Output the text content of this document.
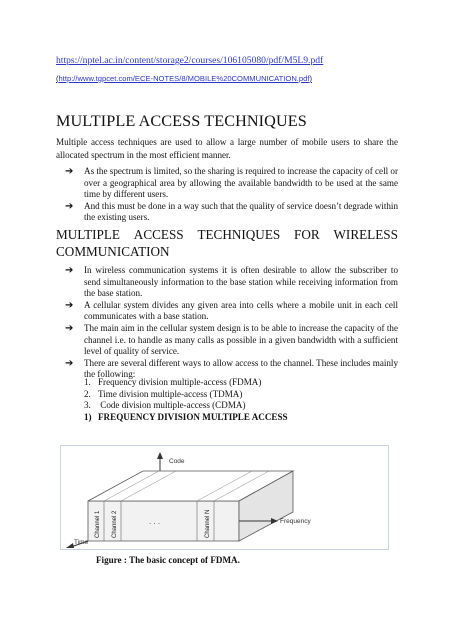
https://nptel.ac.in/content/storage2/courses/106105080/pdf/M5L9.pdf
(http://www.tgpcet.com/ECE-NOTES/8/MOBILE%20COMMUNICATION.pdf)
MULTIPLE ACCESS TECHNIQUES
Multiple access techniques are used to allow a large number of mobile users to share the allocated spectrum in the most efficient manner.
➔ As the spectrum is limited, so the sharing is required to increase the capacity of cell or over a geographical area by allowing the available bandwidth to be used at the same time by different users.
➔ And this must be done in a way such that the quality of service doesn’t degrade within the existing users.
MULTIPLE ACCESS TECHNIQUES FOR WIRELESS
COMMUNICATION
➔ In wireless communication systems it is often desirable to allow the subscriber to send simultaneously information to the base station while receiving information from the base station.
➔ A cellular system divides any given area into cells where a mobile unit in each cell communicates with a base station.
➔ The main aim in the cellular system design is to be able to increase the capacity of the channel i.e. to handle as many calls as possible in a given bandwidth with a sufficient level of quality of service.
➔ There are several different ways to allow access to the channel. These includes mainly the following:
1. Frequency division multiple-access (FDMA)
2. Time division multiple-access (TDMA)
3. Code division multiple-access (CDMA)
1) FREQUENCY DIVISION MULTIPLE ACCESS
Code
Channel 1 Channel 2	Channel N
. . .	Frequency
Time
Figure : The basic concept of FDMA.
